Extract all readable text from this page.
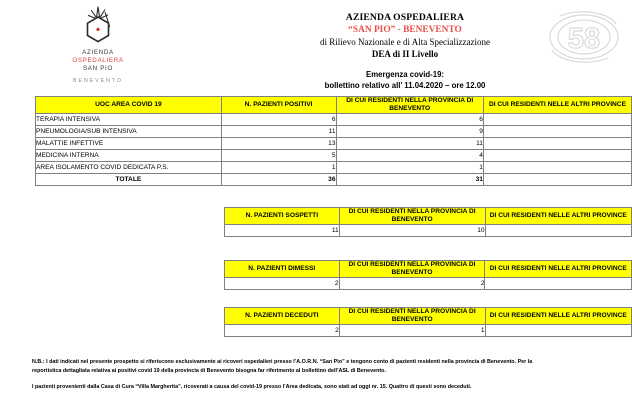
AZIENDA
OSPEDALIERA
SAN PIO
BENEVENTO
AZIENDA OSPEDALIERA
“SAN PIO” - BENEVENTO
di Rilievo Nazionale e di Alta Specializzazione
DEA di II Livello
Emergenza covid-19:
bollettino relativo all’ 11.04.2020 – ore 12.00
58
UOC AREA COVID 19	N. PAZIENTI POSITIVI	DI CUI RESIDENTI NELLA PROVINCIA DI BENEVENTO	DI CUI RESIDENTI NELLE ALTRI PROVINCE
TERAPIA INTENSIVA	6	6	
PNEUMOLOGIA/SUB INTENSIVA	11	9	
MALATTIE INFETTIVE	13	11	
MEDICINA INTERNA	5	4	
AREA ISOLAMENTO COVID DEDICATA P.S.	1	1	
TOTALE	36	31	
N. PAZIENTI SOSPETTI	DI CUI RESIDENTI NELLA PROVINCIA DI BENEVENTO	DI CUI RESIDENTI NELLE ALTRI PROVINCE
11	10	
N. PAZIENTI DIMESSI	DI CUI RESIDENTI NELLA PROVINCIA DI BENEVENTO	DI CUI RESIDENTI NELLE ALTRI PROVINCE
2	2	
N. PAZIENTI DECEDUTI	DI CUI RESIDENTI NELLA PROVINCIA DI BENEVENTO	DI CUI RESIDENTI NELLE ALTRI PROVINCE
2	1	
N.B.: I dati indicati nel presente prospetto si riferiscono esclusivamente ai ricoveri ospedalieri presso l’A.O.R.N. “San Pio” e tengono conto di pazienti residenti nella provincia di Benevento. Per la
reportistica dettagliata relativa ai positivi covid 19 della provincia di Benevento bisogna far riferimento al bollettino dell’ASL di Benevento.
I pazienti provenienti dalla Casa di Cura “Villa Margherita”, ricoverati a causa del covid-19 presso l’Area dedicata, sono stati ad oggi nr. 15. Quattro di questi sono deceduti.
